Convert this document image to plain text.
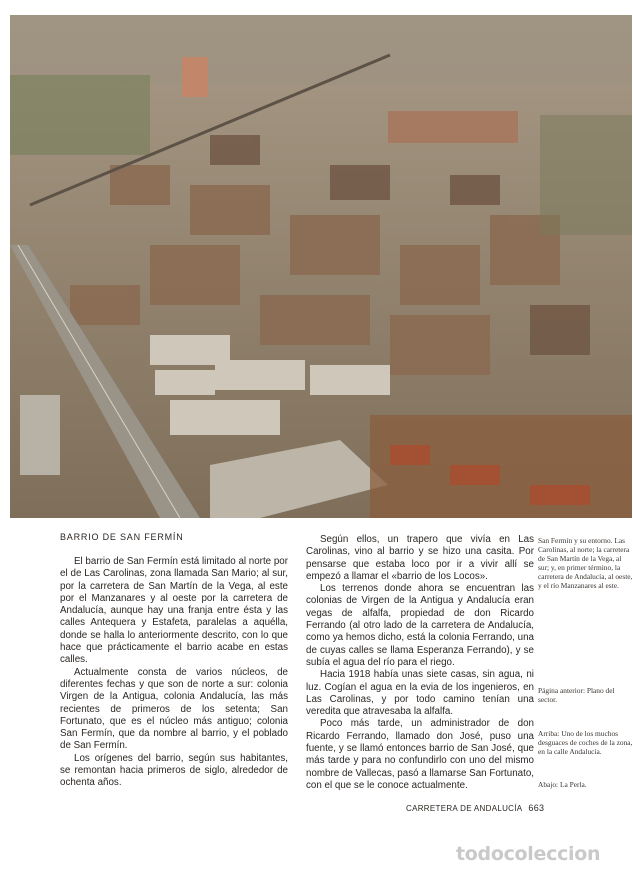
BARRIO DE SAN FERMÍN

El barrio de San Fermín está limitado al norte por el de Las Carolinas, zona llamada San Mario; al sur, por la carretera de San Martín de la Vega, al este por el Manzanares y al oeste por la carretera de Andalucía, aunque hay una franja entre ésta y las calles Antequera y Estafeta, paralelas a aquélla, donde se halla lo anteriormente descrito, con lo que hace que prácticamente el barrio acabe en estas calles.

Actualmente consta de varios núcleos, de diferentes fechas y que son de norte a sur: colonia Virgen de la Antigua, colonia Andalucía, las más recientes de primeros de los setenta; San Fortunato, que es el núcleo más antiguo; colonia San Fermín, que da nombre al barrio, y el poblado de San Fermín.

Los orígenes del barrio, según sus habitantes, se remontan hacia primeros de siglo, alrededor de ochenta años.

Según ellos, un trapero que vivía en Las Carolinas, vino al barrio y se hizo una casita. Por pensarse que estaba loco por ir a vivir allí se empezó a llamar el «barrio de los Locos».

Los terrenos donde ahora se encuentran las colonias de Virgen de la Antigua y Andalucía eran vegas de alfalfa, propiedad de don Ricardo Ferrando (al otro lado de la carretera de Andalucía, como ya hemos dicho, está la colonia Ferrando, una de cuyas calles se llama Esperanza Ferrando), y se subía el agua del río para el riego.

Hacia 1918 había unas siete casas, sin agua, ni luz. Cogían el agua en la evia de los ingenieros, en Las Carolinas, y por todo camino tenían una veredita que atravesaba la alfalfa.

Poco más tarde, un administrador de don Ricardo Ferrando, llamado don José, puso una fuente, y se llamó entonces barrio de San José, que más tarde y para no confundirlo con uno del mismo nombre de Vallecas, pasó a llamarse San Fortunato, con el que se le conoce actualmente.

San Fermín y su entorno. Las Carolinas, al norte; la carretera de San Martín de la Vega, al sur; y, en primer término, la carretera de Andalucía, al oeste, y el río Manzanares al este.
Página anterior: Plano del sector.
Arriba: Uno de los muchos desguaces de coches de la zona, en la calle Andalucía.
Abajo: La Perla.
CARRETERA DE ANDALUCÍA 663
todocoleccion
